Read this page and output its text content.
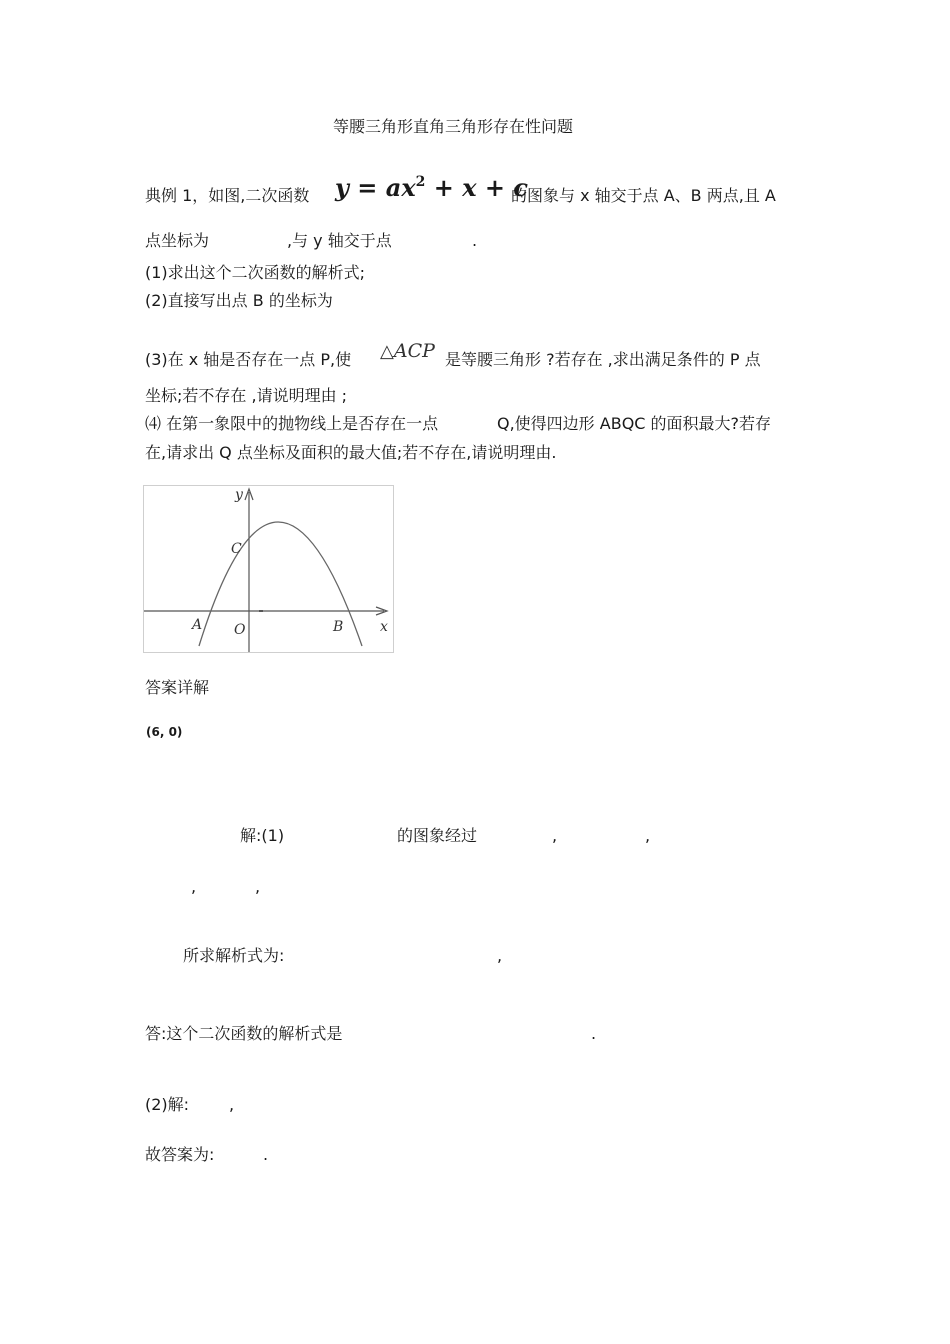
等腰三角形直角三角形存在性问题
典例 1，如图,二次函数 $y = ax^2 + x + c$
的图象与 x 轴交于点 A、B 两点,且 A
点坐标为	,与 y 轴交于点	.
(1)求出这个二次函数的解析式;
(2)直接写出点 B 的坐标为
(3)在 x 轴是否存在一点 P,使 △ACP 是等腰三角形 ?若存在 ,求出满足条件的 P 点
坐标;若不存在 ,请说明理由 ;
⑷ 在第一象限中的抛物线上是否存在一点	Q,使得四边形 ABQC 的面积最大?若存
在,请求出 Q 点坐标及面积的最大值;若不存在,请说明理由.
y
C
A O	B	x
答案详解
(6, 0)
解:(1)	的图象经过	,	,
,	,
所求解析式为:	,
答:这个二次函数的解析式是	.
(2)解: ,
故答案为:	.
